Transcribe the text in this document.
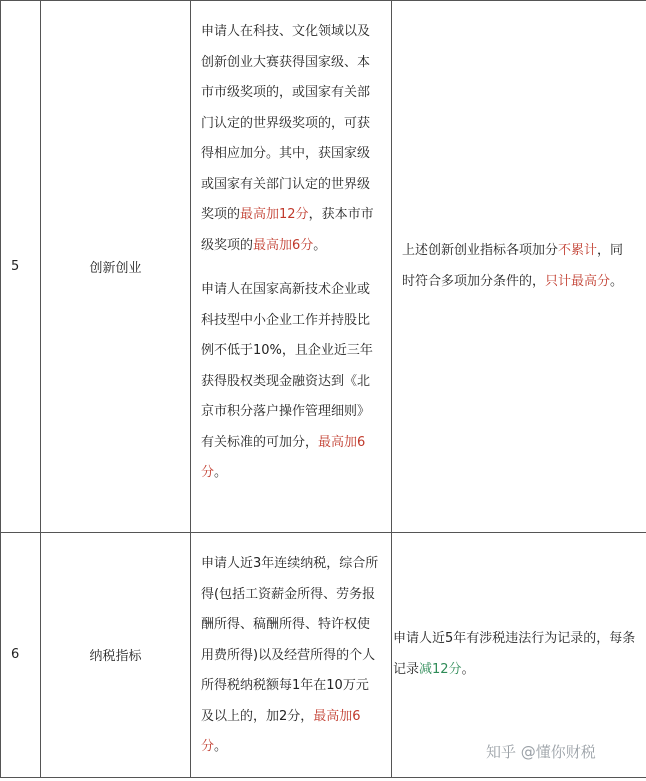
5	创新创业	申请人在科技、文化领域以及创新创业大赛获得国家级、本市市级奖项的，或国家有关部门认定的世界级奖项的，可获得相应加分。其中，获国家级或国家有关部门认定的世界级奖项的最高加12分，获本市市级奖项的最高加6分。

申请人在国家高新技术企业或科技型中小企业工作并持股比例不低于10%，且企业近三年获得股权类现金融资达到《北京市积分落户操作管理细则》有关标准的可加分，最高加6分。	上述创新创业指标各项加分不累计，同时符合多项加分条件的，只计最高分。
6	纳税指标	申请人近3年连续纳税，综合所得(包括工资薪金所得、劳务报酬所得、稿酬所得、特许权使用费所得)以及经营所得的个人所得税纳税额每1年在10万元及以上的，加2分，最高加6分。	申请人近5年有涉税违法行为记录的，每条记录减12分。
知乎 @懂你财税
